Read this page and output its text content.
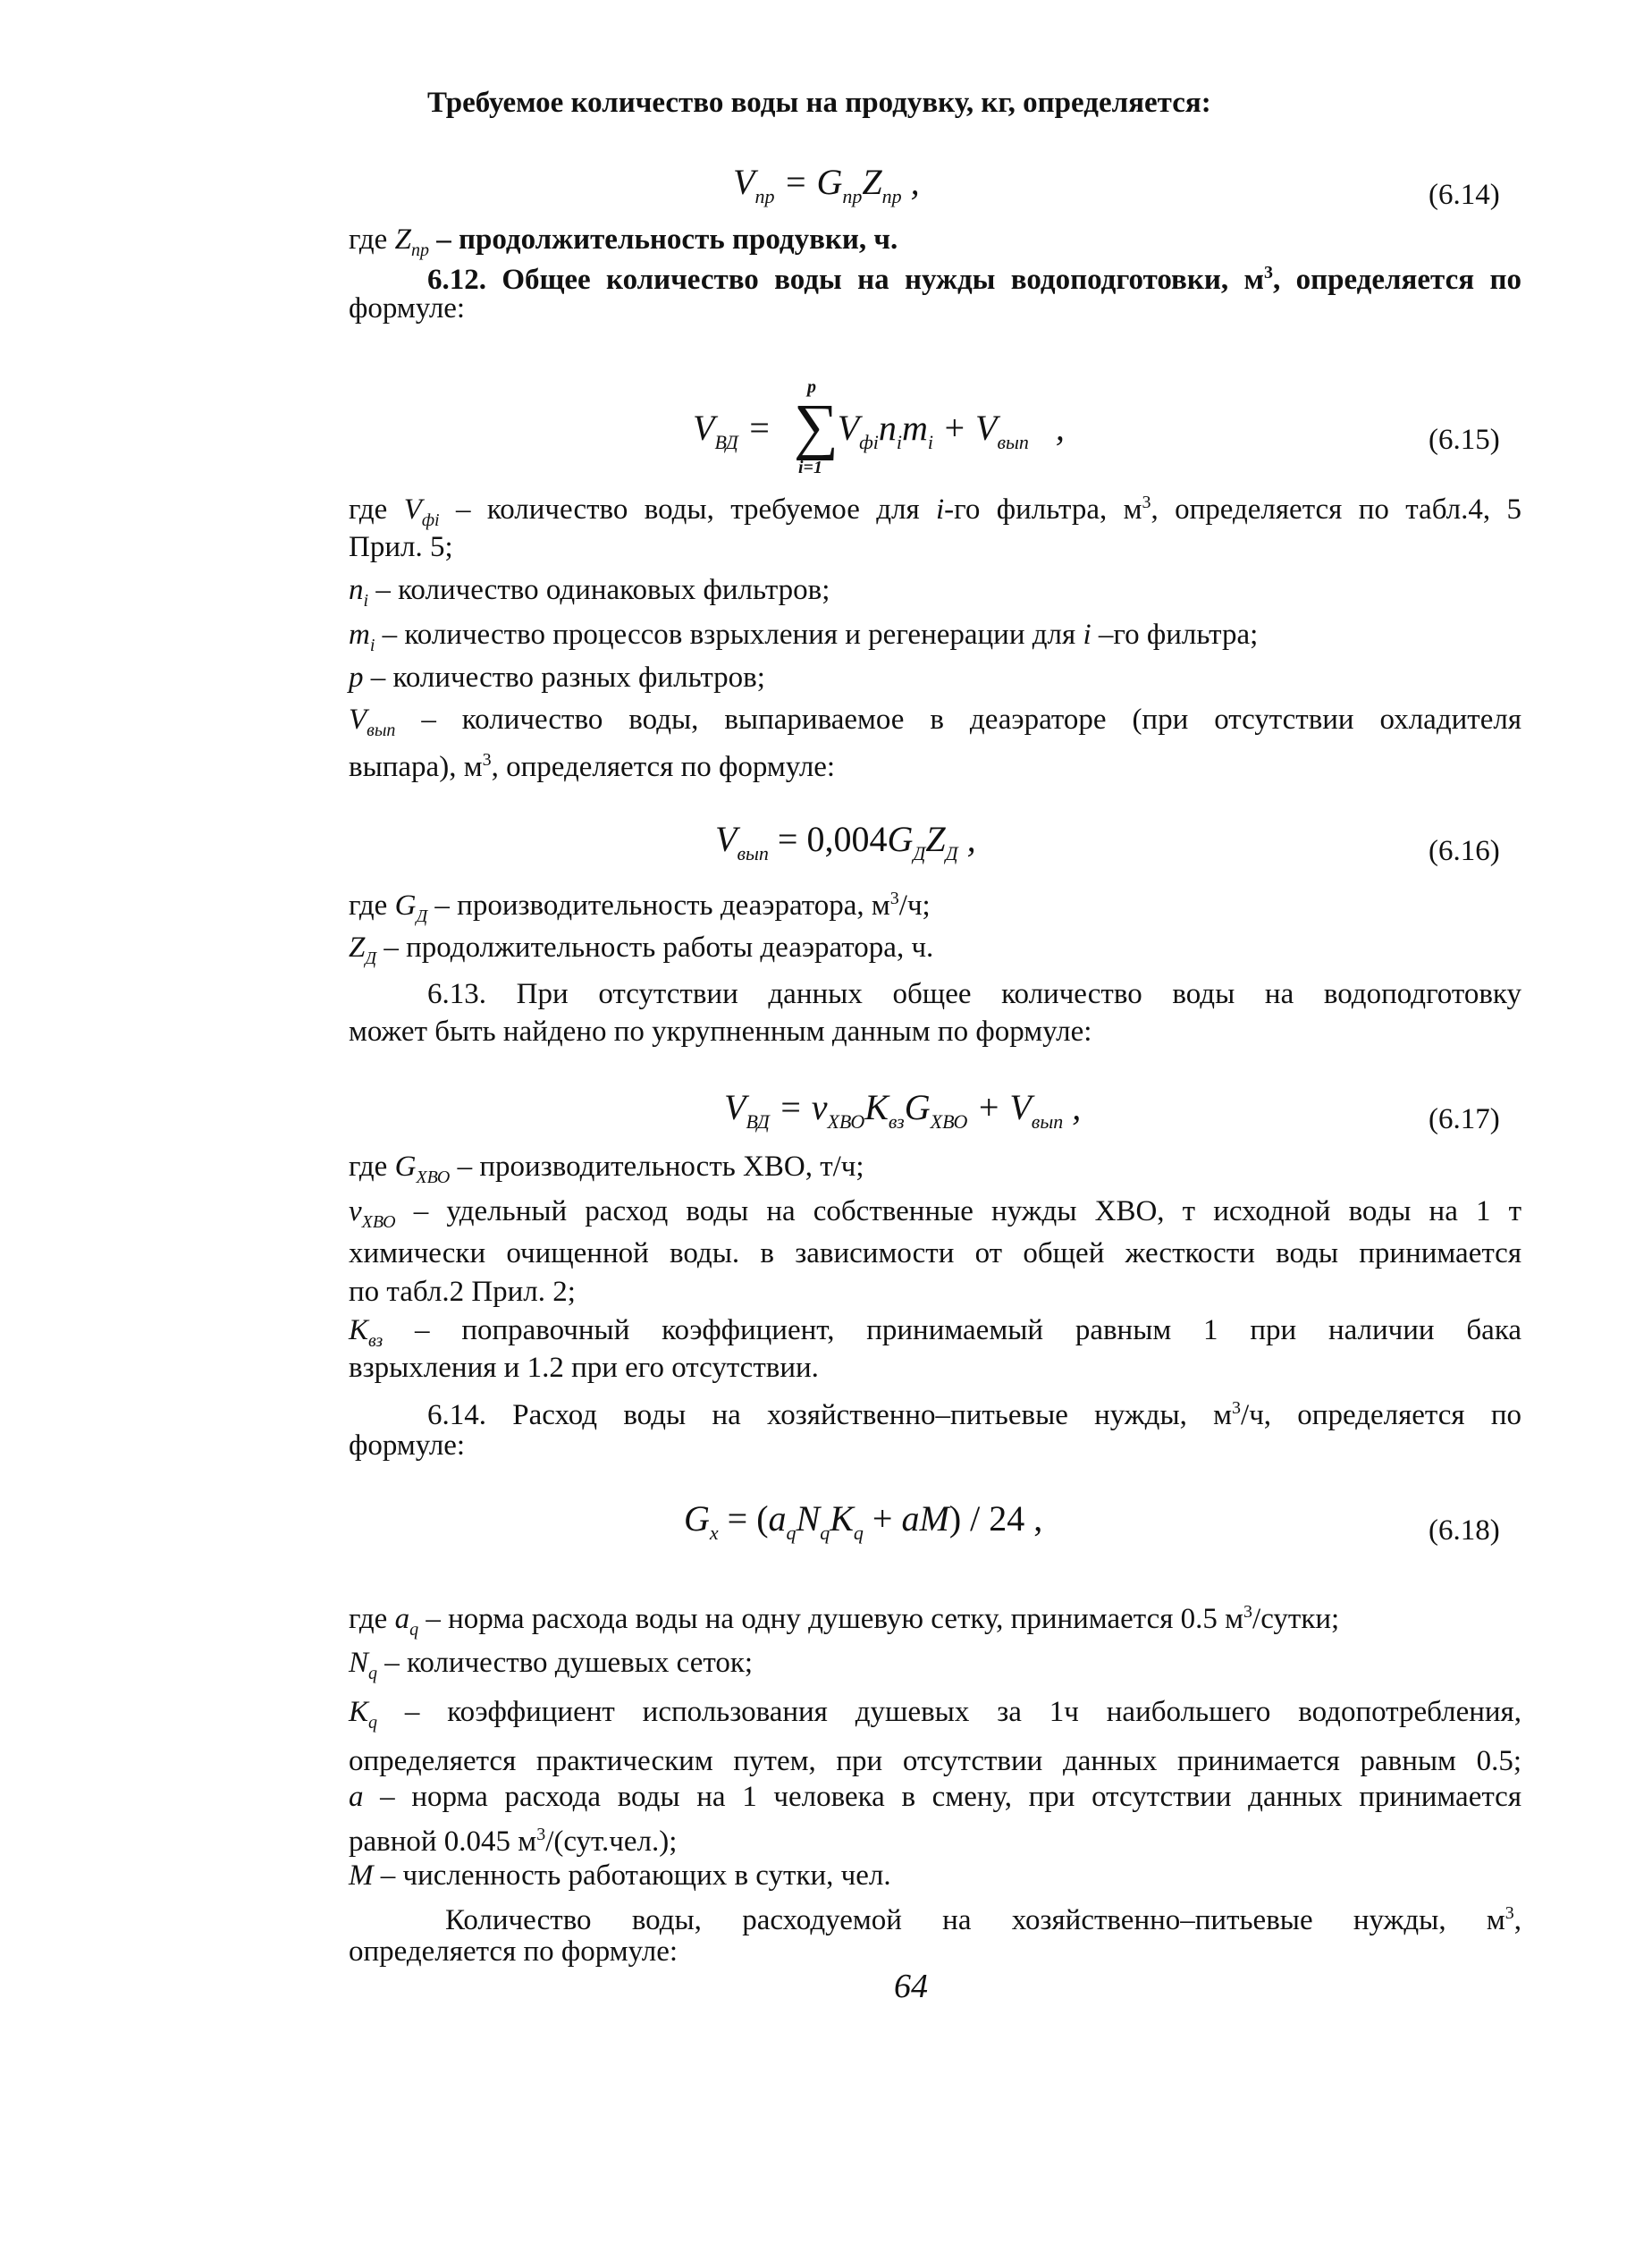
Требуемое количество воды на продувку, кг, определяется:
$V_{пр} = G_{пр}Z_{пр}$ ,	(6.14)
где $Z_{пр}$ – продолжительность продувки, ч.
6.12. Общее количество воды на нужды водоподготовки, $м^3$, определяется по
формуле:
$V_{ВД} = V_{фi}n_im_i + V_{вып}$   ,
∑
p
i=1
(6.15)
где $V_{фi}$ – количество воды, требуемое для i-го фильтра, $м^3$, определяется по табл.4, 5
Прил. 5;
$n_i$ – количество одинаковых фильтров;
$m_i$ – количество процессов взрыхления и регенерации для i –го фильтра;
p – количество разных фильтров;
$V_{вып}$ – количество воды, выпариваемое в деаэраторе (при отсутствии охладителя
выпара), $м^3$, определяется по формуле:
$V_{вып} = 0,004G_ДZ_Д$ ,	(6.16)
где $G_Д$ – производительность деаэратора, $м^3/ч$;
$Z_Д$ – продолжительность работы деаэратора, ч.
6.13. При отсутствии данных общее количество воды на водоподготовку
может быть найдено по укрупненным данным по формуле:
$V_{ВД} = v_{ХВО}K_{вз}G_{ХВО} + V_{вып}$ ,	(6.17)
где $G_{ХВО}$ – производительность ХВО, т/ч;
$v_{ХВО}$ – удельный расход воды на собственные нужды ХВО, т исходной воды на 1 т
химически очищенной воды. в зависимости от общей жесткости воды принимается
по табл.2 Прил. 2;
$K_{вз}$ – поправочный коэффициент, принимаемый равным 1 при наличии бака
взрыхления и 1.2 при его отсутствии.
6.14. Расход воды на хозяйственно–питьевые нужды, $м^3/ч$, определяется по
формуле:
$G_x = (a_qN_qK_q + aM) / 24$ ,	(6.18)
где $a_q$ – норма расхода воды на одну душевую сетку, принимается 0.5 $м^3$/сутки;
$N_q$ – количество душевых сеток;
$K_q$ – коэффициент использования душевых за 1ч наибольшего водопотребления,
определяется практическим путем, при отсутствии данных принимается равным 0.5;
a – норма расхода воды на 1 человека в смену, при отсутствии данных принимается
равной 0.045 $м^3/(сут.чел.)$;
M – численность работающих в сутки, чел.
Количество воды, расходуемой на хозяйственно–питьевые нужды, $м^3$,
определяется по формуле:
64
